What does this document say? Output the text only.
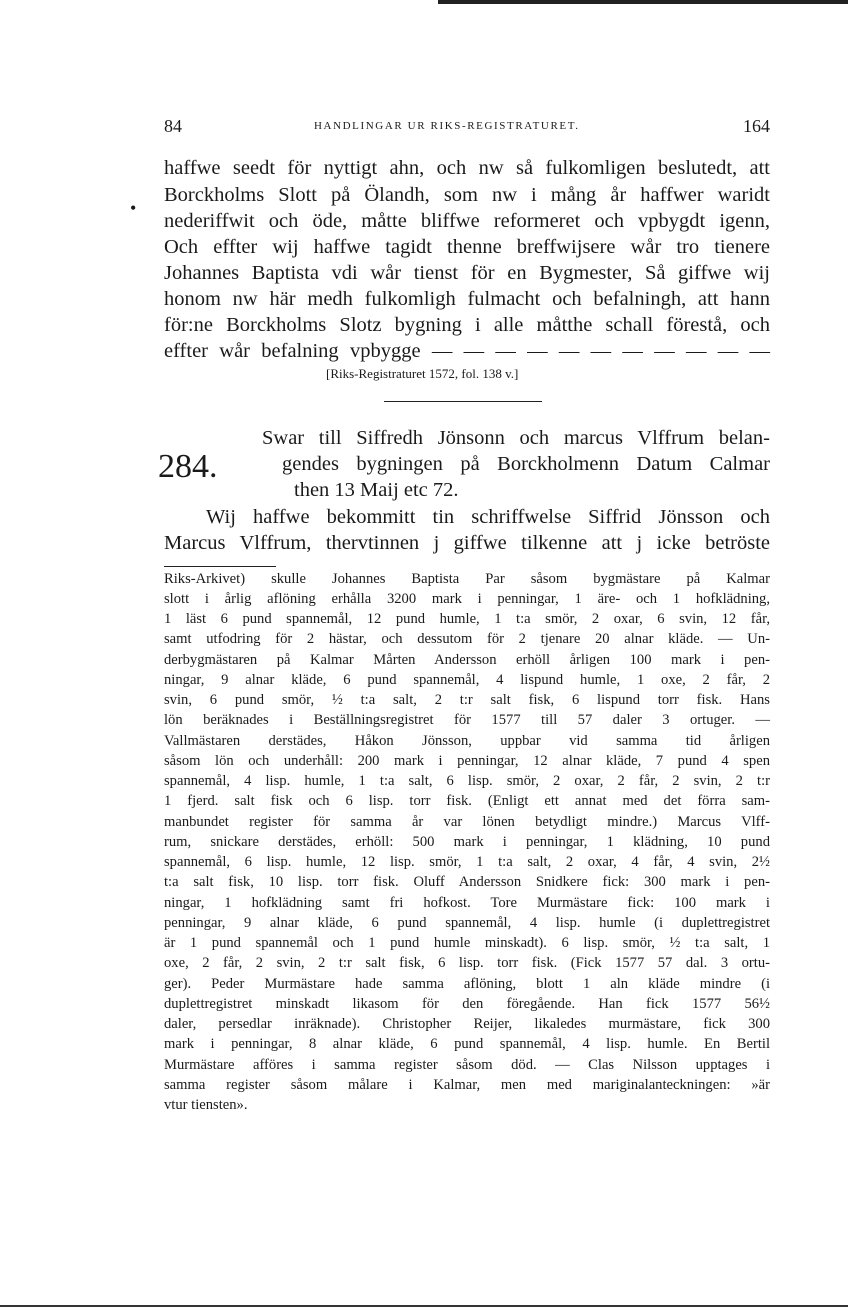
84	HANDLINGAR UR RIKS-REGISTRATURET.	164
•
haffwe seedt för nyttigt ahn, och nw så fulkomligen beslutedt, att
Borckholms Slott på Ölandh, som nw i mång år haffwer waridt
nederiffwit och öde, måtte bliffwe reformeret och vpbygdt igenn,
Och effter wij haffwe tagidt thenne breffwijsere wår tro tienere
Johannes Baptista vdi wår tienst för en Bygmester, Så giffwe wij
honom nw här medh fulkomligh fulmacht och befalningh, att hann
för:ne Borckholms Slotz bygning i alle måtthe schall förestå, och
effter wår befalning vpbygge — — — — — — — — — — —
[Riks-Registraturet 1572, fol. 138 v.]
284.
Swar till Siffredh Jönsonn och marcus Vlffrum belan-
gendes bygningen på Borckholmenn Datum Calmar
then 13 Maij etc 72.
Wij haffwe bekommitt tin schriffwelse Siffrid Jönsson och
Marcus Vlffrum, thervtinnen j giffwe tilkenne att j icke betröste
Riks-Arkivet) skulle Johannes Baptista Par såsom bygmästare på Kalmar
slott i årlig aflöning erhålla 3200 mark i penningar, 1 äre- och 1 hofklädning,
1 läst 6 pund spannemål, 12 pund humle, 1 t:a smör, 2 oxar, 6 svin, 12 får,
samt utfodring för 2 hästar, och dessutom för 2 tjenare 20 alnar kläde. — Un-
derbygmästaren på Kalmar Mårten Andersson erhöll årligen 100 mark i pen-
ningar, 9 alnar kläde, 6 pund spannemål, 4 lispund humle, 1 oxe, 2 får, 2
svin, 6 pund smör, ½ t:a salt, 2 t:r salt fisk, 6 lispund torr fisk. Hans
lön beräknades i Beställningsregistret för 1577 till 57 daler 3 ortuger. —
Vallmästaren derstädes, Håkon Jönsson, uppbar vid samma tid årligen
såsom lön och underhåll: 200 mark i penningar, 12 alnar kläde, 7 pund 4 spen
spannemål, 4 lisp. humle, 1 t:a salt, 6 lisp. smör, 2 oxar, 2 får, 2 svin, 2 t:r
1 fjerd. salt fisk och 6 lisp. torr fisk. (Enligt ett annat med det förra sam-
manbundet register för samma år var lönen betydligt mindre.) Marcus Vlff-
rum, snickare derstädes, erhöll: 500 mark i penningar, 1 klädning, 10 pund
spannemål, 6 lisp. humle, 12 lisp. smör, 1 t:a salt, 2 oxar, 4 får, 4 svin, 2½
t:a salt fisk, 10 lisp. torr fisk. Oluff Andersson Snidkere fick: 300 mark i pen-
ningar, 1 hofklädning samt fri hofkost. Tore Murmästare fick: 100 mark i
penningar, 9 alnar kläde, 6 pund spannemål, 4 lisp. humle (i duplettregistret
är 1 pund spannemål och 1 pund humle minskadt). 6 lisp. smör, ½ t:a salt, 1
oxe, 2 får, 2 svin, 2 t:r salt fisk, 6 lisp. torr fisk. (Fick 1577 57 dal. 3 ortu-
ger). Peder Murmästare hade samma aflöning, blott 1 aln kläde mindre (i
duplettregistret minskadt likasom för den föregående. Han fick 1577 56½
daler, persedlar inräknade). Christopher Reijer, likaledes murmästare, fick 300
mark i penningar, 8 alnar kläde, 6 pund spannemål, 4 lisp. humle. En Bertil
Murmästare afföres i samma register såsom död. — Clas Nilsson upptages i
samma register såsom målare i Kalmar, men med mariginalanteckningen: »är
vtur tiensten».
